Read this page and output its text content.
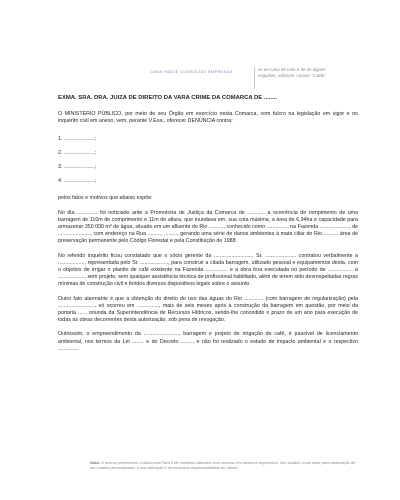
CASA INDICE CONSULTAS EMPRESAS	se em uma de todo e de do alguns seguidas, adicione i xuarto "Caldo"
EXMA. SRA. DRA. JUIZA DE DIREITO DA VARA CRIME DA COMARCA DE ........

O MINISTÉRIO PÚBLICO, por meio de seu Órgão em exercício nesta Comarca, com fulcro na legislação em vigor e no inquérito civil em anexo, vem, perante V.Exa., oferecer DENÚNCIA contra:

1. .....................;
2. .....................;
3. .....................;
4. .....................;

pelos fatos e motivos que abaixo expõe:

No dia .............. foi noticiado ante a Promotoria de Justiça da Comarca de ............ a ocorrência de rompimento de uma barragem de 110m de comprimento e 11m de altura, que inundava em, sua cota máxima, a área de 6,94ha e capacidade para armazenar 350 000 m³ de água, situado em um afluente do Rio .........., conhecido como .............., na Fazenda ...................., de ......................, com endereço na Rua ........., ........., gerando uma série de danos ambientes à mata ciliar do Rio .......... área de preservação permanente pelo Código Florestal e pela Constituição de 1988.

No referido inquérito ficou constatado que o sócio gerente da ........................... Sr. ..................... contratou verbalmente a .................., representada pelo Sr. ..................., para construir a citada barragem, utilizado pessoal e equipamentos desta, com o objetivo de irrigar o plantio de café existente na Fazenda ............... e a obra fora executada no período de ................. a .................., sem projeto, sem qualquer assistência técnica de profissional habilitado, além de terem sido desrespeitadas regras mínimas de construção civil e feridos diversos dispositivos legais sobre o assunto.

Outro fato alarmante é que a obtenção do direito do uso das águas do Rio ............. (com barragem de regularização) pela .......................... só ocorreu em ..............., mais de seis meses após a construção da barragem em questão, por meio da portaria ....., oriunda da Superintendência de Recursos Hídricos, sendo-lhe concedido o prazo de um ano para execução de todas as obras decorrentes desta autorização, sob pena de revogação.

Outrossim, o empreendimento da ........................, barragem e projeto de irrigação de café, é passível de licenciamento ambiental, nos termos da Lei ........ e do Decreto ........, e não foi realizado o estudo de impacto ambiental e o respectivo ..............

Nota: O acervo pertencente a Advocacia Fácil é de modelos utilizados com sucesso em diversos segmentos. Seu usuário como base para elaboração de um modelo personalizado, e sua utilização é de exclusiva responsabilidade do cliente.
